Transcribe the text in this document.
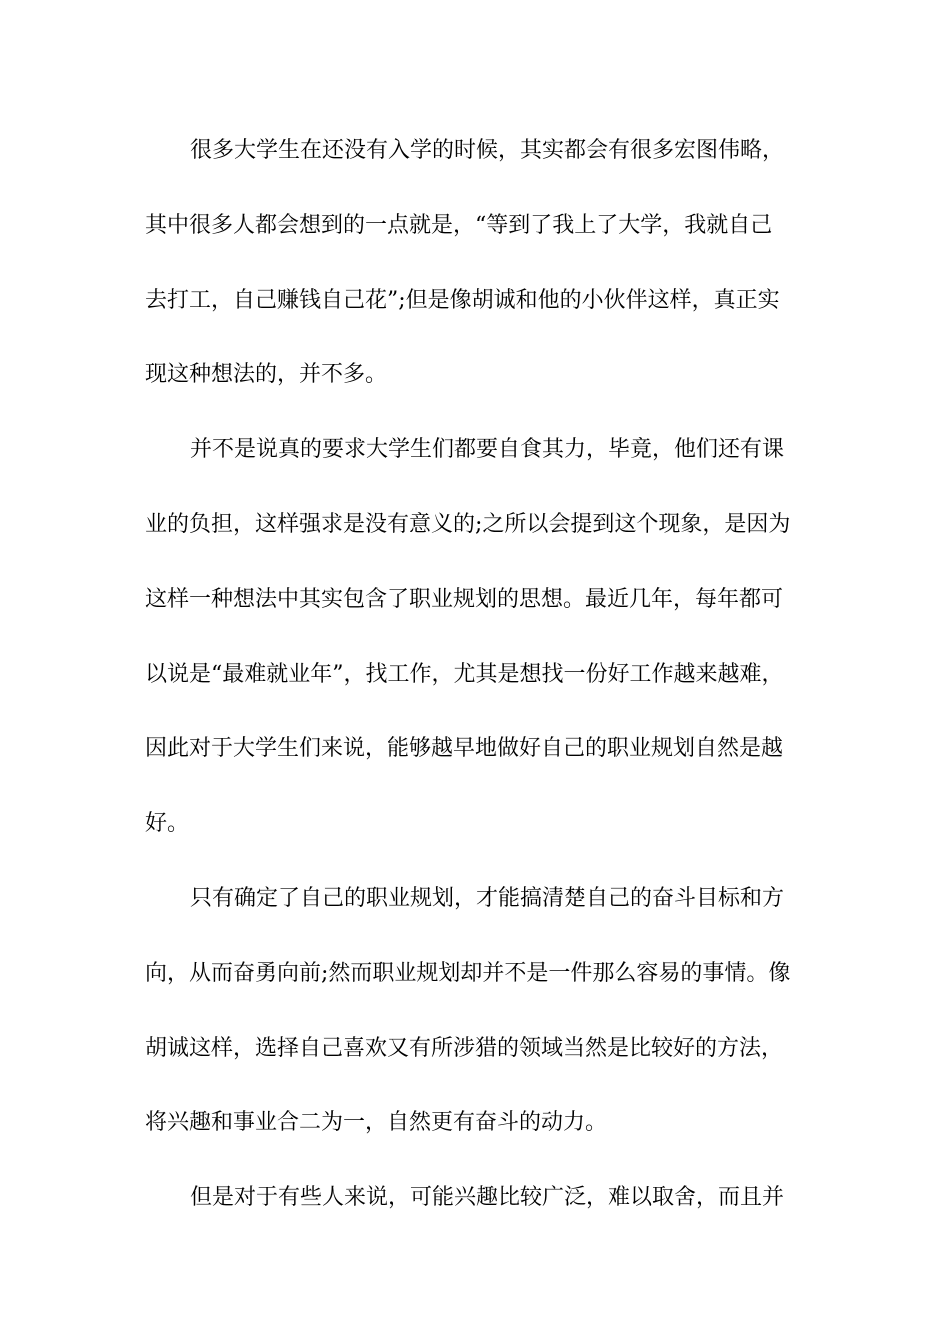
很多大学生在还没有入学的时候，其实都会有很多宏图伟略，
其中很多人都会想到的一点就是，“等到了我上了大学，我就自己
去打工，自己赚钱自己花”;但是像胡诚和他的小伙伴这样，真正实
现这种想法的，并不多。
并不是说真的要求大学生们都要自食其力，毕竟，他们还有课
业的负担，这样强求是没有意义的;之所以会提到这个现象，是因为
这样一种想法中其实包含了职业规划的思想。最近几年，每年都可
以说是“最难就业年”，找工作，尤其是想找一份好工作越来越难，
因此对于大学生们来说，能够越早地做好自己的职业规划自然是越
好。
只有确定了自己的职业规划，才能搞清楚自己的奋斗目标和方
向，从而奋勇向前;然而职业规划却并不是一件那么容易的事情。像
胡诚这样，选择自己喜欢又有所涉猎的领域当然是比较好的方法，
将兴趣和事业合二为一，自然更有奋斗的动力。
但是对于有些人来说，可能兴趣比较广泛，难以取舍，而且并
